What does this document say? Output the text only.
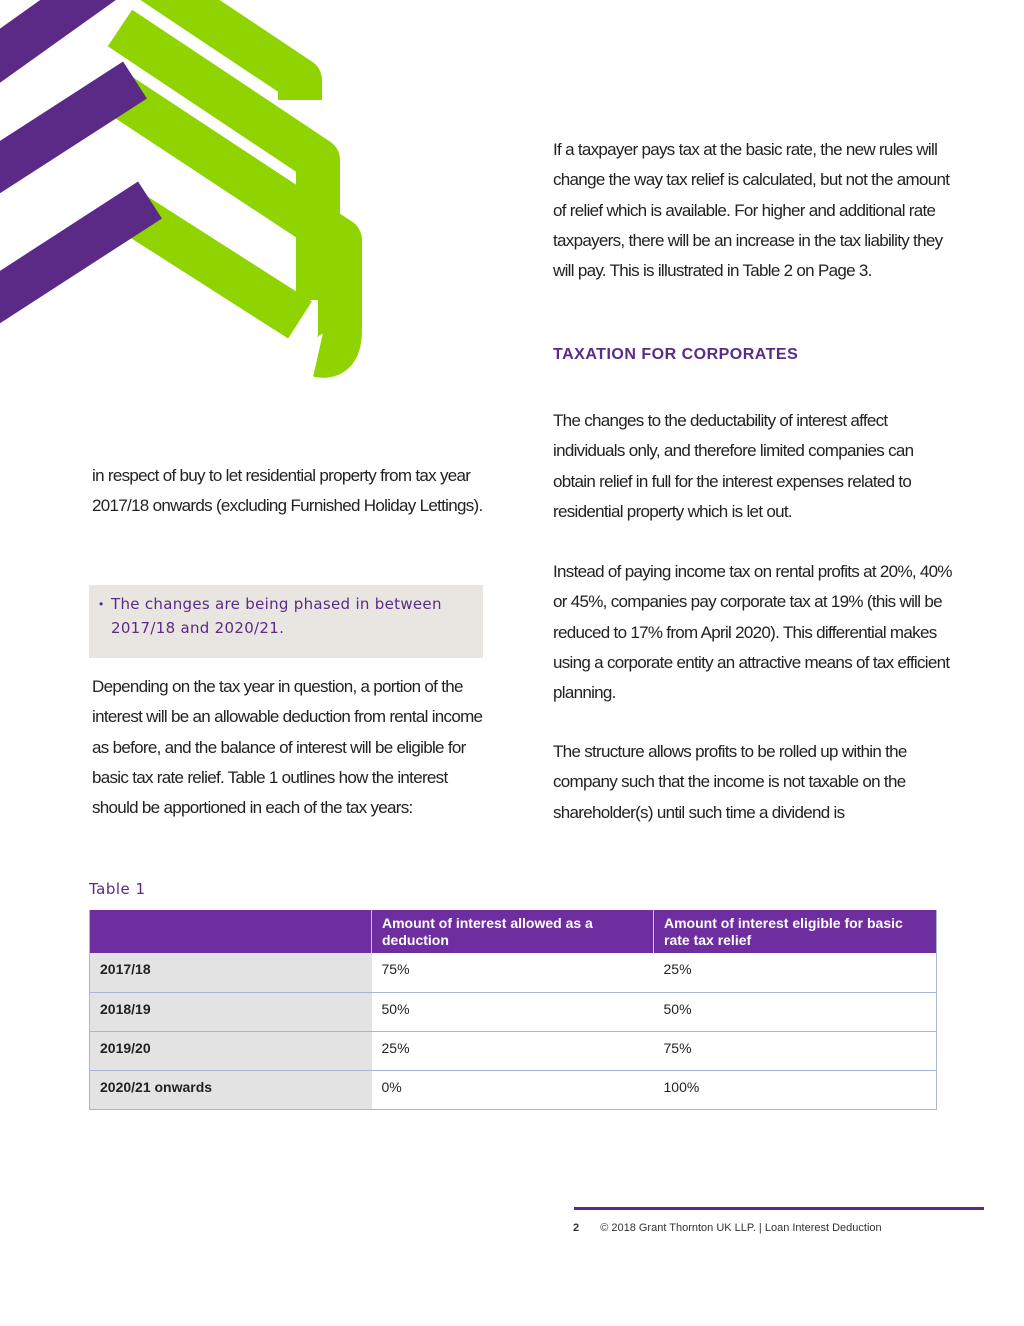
If a taxpayer pays tax at the basic rate, the new rules will change the way tax relief is calculated, but not the amount of relief which is available. For higher and additional rate taxpayers, there will be an increase in the tax liability they will pay. This is illustrated in Table 2 on Page 3.

TAXATION FOR CORPORATES

The changes to the deductability of interest affect individuals only, and therefore limited companies can obtain relief in full for the interest expenses related to residential property which is let out.

Instead of paying income tax on rental profits at 20%, 40% or 45%, companies pay corporate tax at 19% (this will be reduced to 17% from April 2020). This differential makes using a corporate entity an attractive means of tax efficient planning.

The structure allows profits to be rolled up within the company such that the income is not taxable on the shareholder(s) until such time a dividend is

in respect of buy to let residential property from tax year 2017/18 onwards (excluding Furnished Holiday Lettings).

• The changes are being phased in between 2017/18 and 2020/21.

Depending on the tax year in question, a portion of the interest will be an allowable deduction from rental income as before, and the balance of interest will be eligible for basic tax rate relief. Table 1 outlines how the interest should be apportioned in each of the tax years:

Table 1

	Amount of interest allowed as a deduction	Amount of interest eligible for basic rate tax relief
2017/18	75%	25%
2018/19	50%	50%
2019/20	25%	75%
2020/21 onwards	0%	100%
2 © 2018 Grant Thornton UK LLP. | Loan Interest Deduction
